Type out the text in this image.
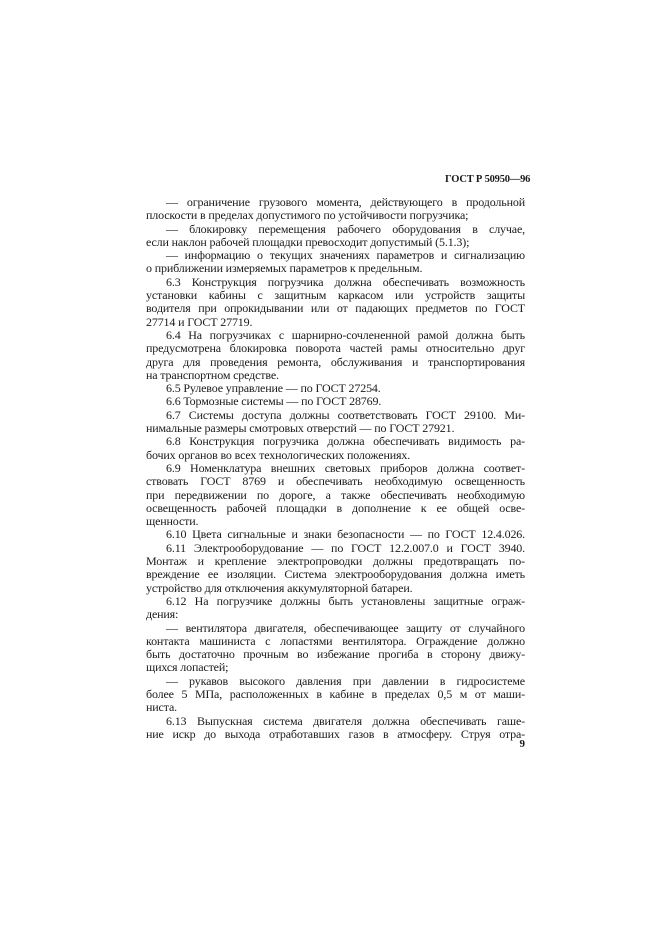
ГОСТ Р 50950—96
— ограничение грузового момента, действующего в продольной
плоскости в пределах допустимого по устойчивости погрузчика;
— блокировку перемещения рабочего оборудования в случае,
если наклон рабочей площадки превосходит допустимый (5.1.3);
— информацию о текущих значениях параметров и сигнализацию
о приближении измеряемых параметров к предельным.
6.3 Конструкция погрузчика должна обеспечивать возможность
установки кабины с защитным каркасом или устройств защиты
водителя при опрокидывании или от падающих предметов по ГОСТ
27714 и ГОСТ 27719.
6.4 На погрузчиках с шарнирно-сочлененной рамой должна быть
предусмотрена блокировка поворота частей рамы относительно друг
друга для проведения ремонта, обслуживания и транспортирования
на транспортном средстве.
6.5 Рулевое управление — по ГОСТ 27254.
6.6 Тормозные системы — по ГОСТ 28769.
6.7 Системы доступа должны соответствовать ГОСТ 29100. Ми-
нимальные размеры смотровых отверстий — по ГОСТ 27921.
6.8 Конструкция погрузчика должна обеспечивать видимость ра-
бочих органов во всех технологических положениях.
6.9 Номенклатура внешних световых приборов должна соответ-
ствовать ГОСТ 8769 и обеспечивать необходимую освещенность
при передвижении по дороге, а также обеспечивать необходимую
освещенность рабочей площадки в дополнение к ее общей осве-
щенности.
6.10 Цвета сигнальные и знаки безопасности — по ГОСТ 12.4.026.
6.11 Электрооборудование — по ГОСТ 12.2.007.0 и ГОСТ 3940.
Монтаж и крепление электропроводки должны предотвращать по-
вреждение ее изоляции. Система электрооборудования должна иметь
устройство для отключения аккумуляторной батареи.
6.12 На погрузчике должны быть установлены защитные ограж-
дения:
— вентилятора двигателя, обеспечивающее защиту от случайного
контакта машиниста с лопастями вентилятора. Ограждение должно
быть достаточно прочным во избежание прогиба в сторону движу-
щихся лопастей;
— рукавов высокого давления при давлении в гидросистеме
более 5 МПа, расположенных в кабине в пределах 0,5 м от маши-
ниста.
6.13 Выпускная система двигателя должна обеспечивать гаше-
ние искр до выхода отработавших газов в атмосферу. Струя отра-
9
